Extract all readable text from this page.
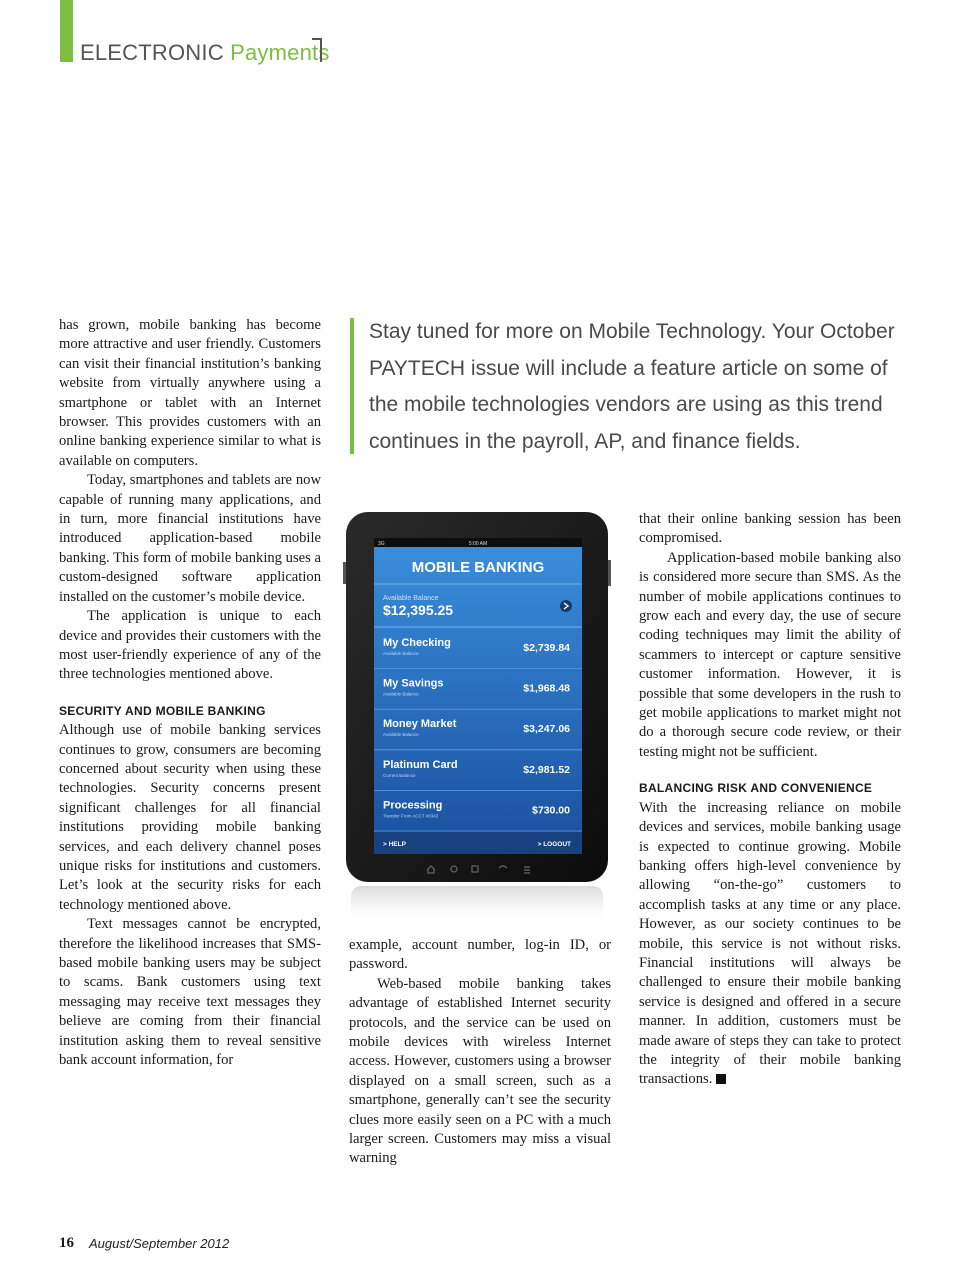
ELECTRONIC Payments

has grown, mobile banking has become more attractive and user friendly. Customers can visit their financial institution’s banking website from virtually anywhere using a smartphone or tablet with an Internet browser. This provides customers with an online banking experience similar to what is available on computers.

Today, smartphones and tablets are now capable of running many applications, and in turn, more financial institutions have introduced application-based mobile banking. This form of mobile banking uses a custom-designed software application installed on the customer’s mobile device.

The application is unique to each device and provides their customers with the most user-friendly experience of any of the three technologies mentioned above.

SECURITY AND MOBILE BANKING

Although use of mobile banking services continues to grow, consumers are becoming concerned about security when using these technologies. Security concerns present significant challenges for all financial institutions providing mobile banking services, and each delivery channel poses unique risks for institutions and customers. Let’s look at the security risks for each technology mentioned above.

Text messages cannot be encrypted, therefore the likelihood increases that SMS-based mobile banking users may be subject to scams. Bank customers using text messaging may receive text messages they believe are coming from their financial institution asking them to reveal sensitive bank account information, for

Stay tuned for more on Mobile Technology. Your October PAYTECH issue will include a feature article on some of the mobile technologies vendors are using as this trend continues in the payroll, AP, and finance fields.
3G	5:00 AM
MOBILE BANKING
Available Balance
$12,395.25
My Checking
Available Balance	$2,739.84
My Savings
Available Balance	$1,968.48
Money Market
Available Balance	$3,247.06
Platinum Card
Current Balance	$2,981.52
Processing
Transfer From ACCT #0342	$730.00
> HELP	> LOGOUT

example, account number, log-in ID, or password.

Web-based mobile banking takes advantage of established Internet security protocols, and the service can be used on mobile devices with wireless Internet access. However, customers using a browser displayed on a small screen, such as a smartphone, generally can’t see the security clues more easily seen on a PC with a much larger screen. Customers may miss a visual warning

that their online banking session has been compromised.

Application-based mobile banking also is considered more secure than SMS. As the number of mobile applications continues to grow each and every day, the use of secure coding techniques may limit the ability of scammers to intercept or capture sensitive customer information. However, it is possible that some developers in the rush to get mobile applications to market might not do a thorough secure code review, or their testing might not be sufficient.

BALANCING RISK AND CONVENIENCE

With the increasing reliance on mobile devices and services, mobile banking usage is expected to continue growing. Mobile banking offers high-level convenience by allowing “on-the-go” customers to accomplish tasks at any time or any place. However, as our society continues to be mobile, this service is not without risks. Financial institutions will always be challenged to ensure their mobile banking service is designed and offered in a secure manner. In addition, customers must be made aware of steps they can take to protect the integrity of their mobile banking transactions.

16 August/September 2012
